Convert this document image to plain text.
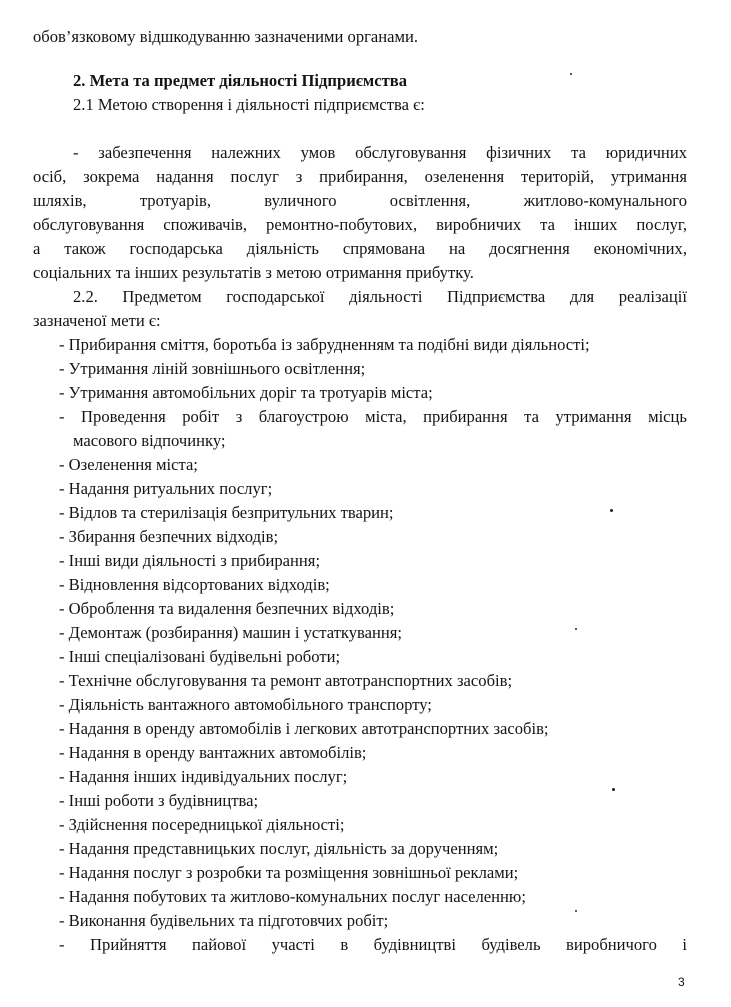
обов’язковому відшкодуванню зазначеними органами.
2. Мета та предмет діяльності Підприємства
2.1 Метою створення і діяльності підприємства є:
- забезпечення належних умов обслуговування фізичних та юридичних
осіб, зокрема надання послуг з прибирання, озеленення територій, утримання
шляхів, тротуарів, вуличного освітлення, житлово-комунального
обслуговування споживачів, ремонтно-побутових, виробничих та інших послуг,
а також господарська діяльність спрямована на досягнення економічних,
соціальних та інших результатів з метою отримання прибутку.
2.2. Предметом господарської діяльності Підприємства для реалізації
зазначеної мети є:
- Прибирання сміття, боротьба із забрудненням та подібні види діяльності;
- Утримання ліній зовнішнього освітлення;
- Утримання автомобільних доріг та тротуарів міста;
- Проведення робіт з благоустрою міста, прибирання та утримання місць
масового відпочинку;
- Озеленення міста;
- Надання ритуальних послуг;
- Відлов та стерилізація безпритульних тварин;
- Збирання безпечних відходів;
- Інші види діяльності з прибирання;
- Відновлення відсортованих відходів;
- Оброблення та видалення безпечних відходів;
- Демонтаж (розбирання) машин і устаткування;
- Інші спеціалізовані будівельні роботи;
- Технічне обслуговування та ремонт автотранспортних засобів;
- Діяльність вантажного автомобільного транспорту;
- Надання в оренду автомобілів і легкових автотранспортних засобів;
- Надання в оренду вантажних автомобілів;
- Надання інших індивідуальних послуг;
- Інші роботи з будівництва;
- Здійснення посередницької діяльності;
- Надання представницьких послуг, діяльність за дорученням;
- Надання послуг з розробки та розміщення зовнішньої реклами;
- Надання побутових та житлово-комунальних послуг населенню;
- Виконання будівельних та підготовчих робіт;
- Прийняття пайової участі в будівництві будівель виробничого і
3
